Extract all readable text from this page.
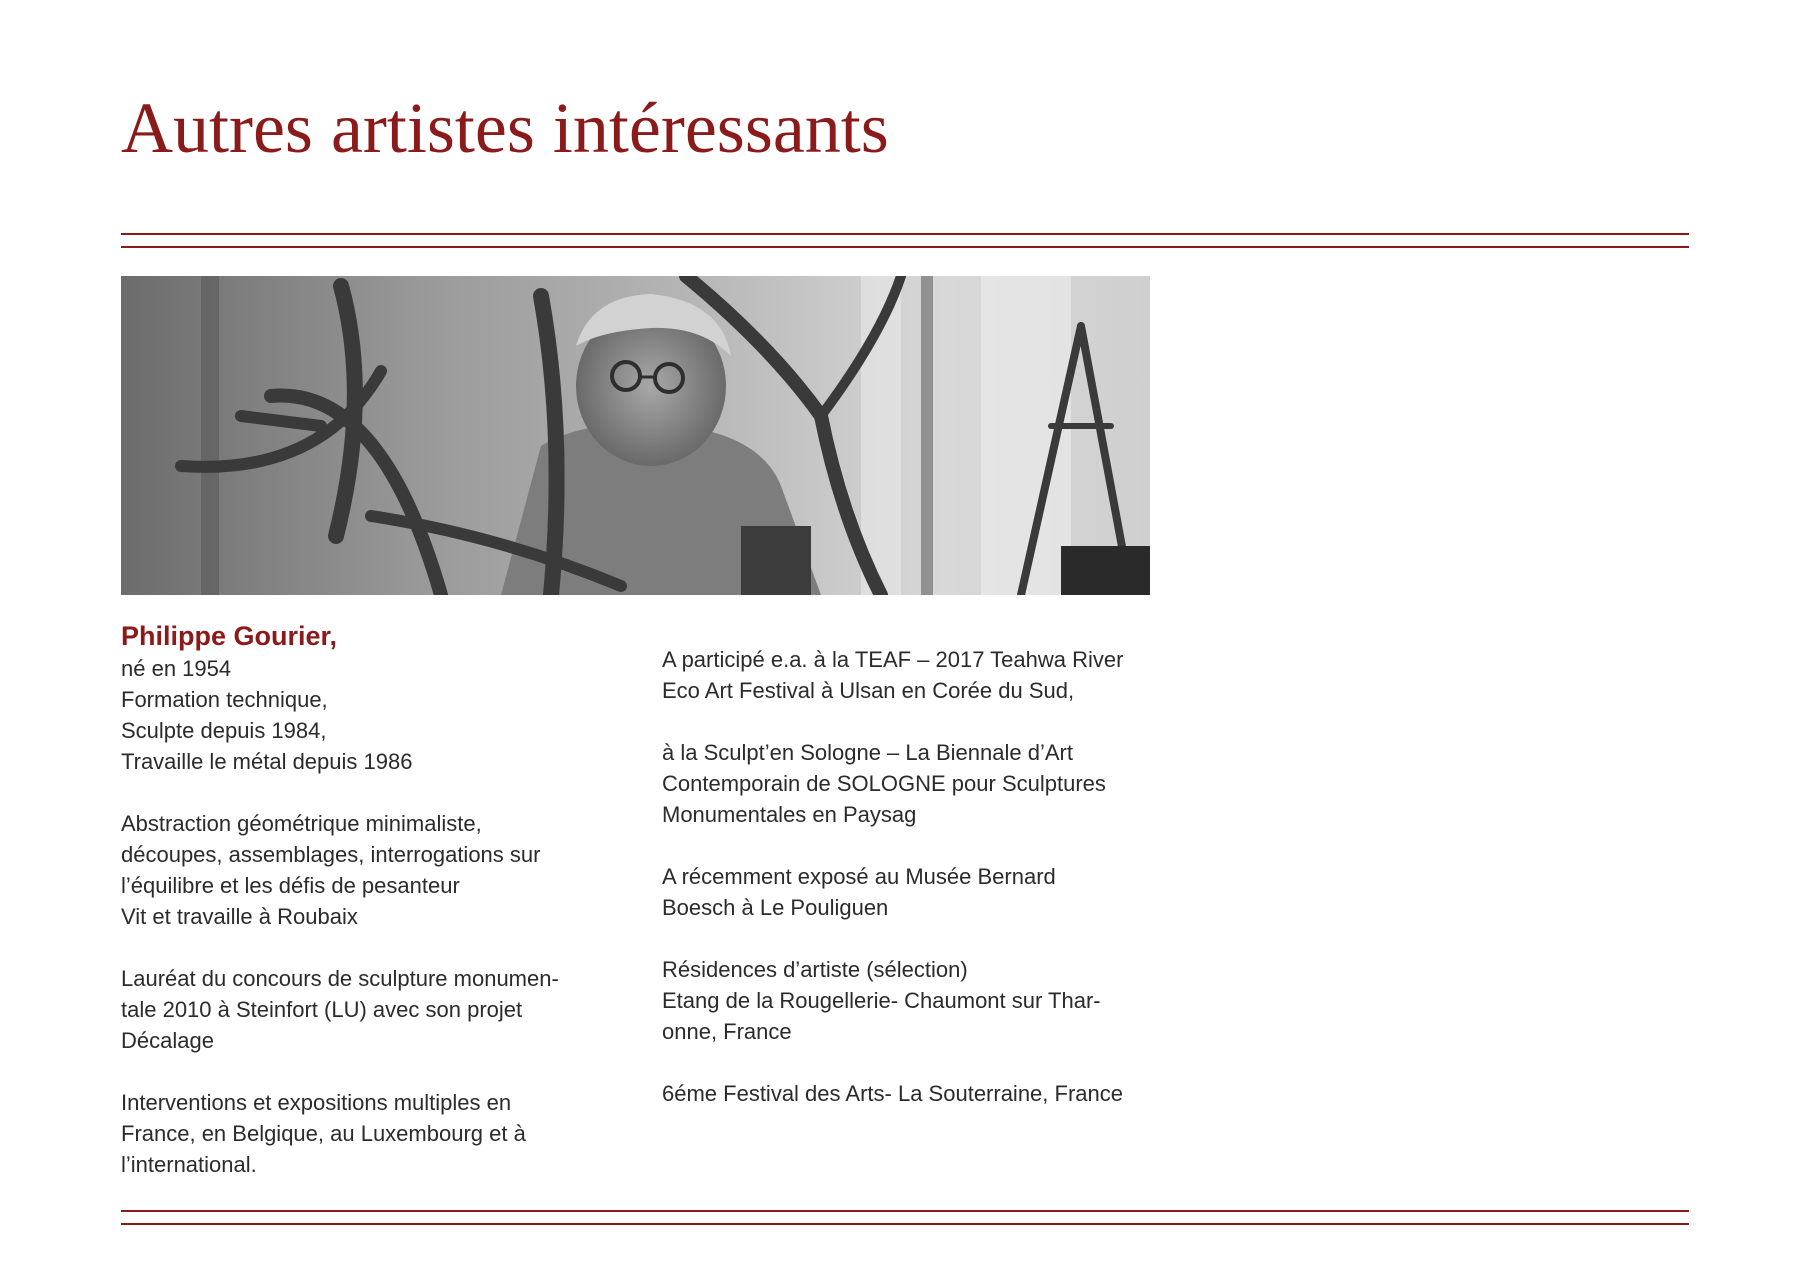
Autres artistes intéressants
Philippe Gourier,

né en 1954
Formation technique,
Sculpte depuis 1984,
Travaille le métal depuis 1986

Abstraction géométrique minimaliste,
découpes, assemblages, interrogations sur
l’équilibre et les défis de pesanteur
Vit et travaille à Roubaix

Lauréat du concours de sculpture monumen-
tale 2010 à Steinfort (LU) avec son projet
Décalage

Interventions et expositions multiples en
France, en Belgique, au Luxembourg et à
l’international.

A participé e.a. à la TEAF – 2017 Teahwa River
Eco Art Festival à Ulsan en Corée du Sud,

à la Sculpt’en Sologne – La Biennale d’Art
Contemporain de SOLOGNE pour Sculptures
Monumentales en Paysag

A récemment exposé au Musée Bernard
Boesch à Le Pouliguen

Résidences d’artiste (sélection)
Etang de la Rougellerie- Chaumont sur Thar-
onne, France

6éme Festival des Arts- La Souterraine, France
